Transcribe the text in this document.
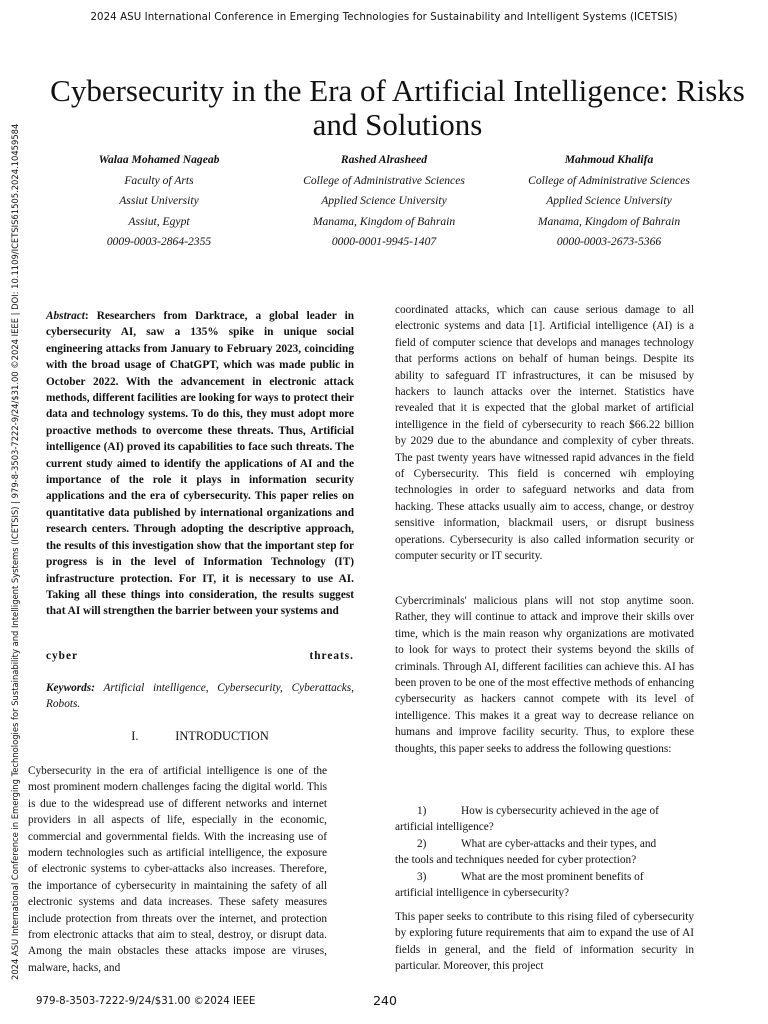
2024 ASU International Conference in Emerging Technologies for Sustainability and Intelligent Systems (ICETSIS)
Cybersecurity in the Era of Artificial Intelligence: Risks and Solutions
Walaa Mohamed Nageab
Faculty of Arts
Assiut University
Assiut, Egypt
0009-0003-2864-2355
Rashed Alrasheed
College of Administrative Sciences
Applied Science University
Manama, Kingdom of Bahrain
0000-0001-9945-1407
Mahmoud Khalifa
College of Administrative Sciences
Applied Science University
Manama, Kingdom of Bahrain
0000-0003-2673-5366
2024 ASU International Conference in Emerging Technologies for Sustainability and Intelligent Systems (ICETSIS) | 979-8-3503-7222-9/24/$31.00 ©2024 IEEE | DOI: 10.1109/ICETSIS61505.2024.10459584	Abstract: Researchers from Darktrace, a global leader in cybersecurity AI, saw a 135% spike in unique social engineering attacks from January to February 2023, coinciding with the broad usage of ChatGPT, which was made public in October 2022. With the advancement in electronic attack methods, different facilities are looking for ways to protect their data and technology systems. To do this, they must adopt more proactive methods to overcome these threats. Thus, Artificial intelligence (AI) proved its capabilities to face such threats. The current study aimed to identify the applications of AI and the importance of the role it plays in information security applications and the era of cybersecurity. This paper relies on quantitative data published by international organizations and research centers. Through adopting the descriptive approach, the results of this investigation show that the important step for progress is in the level of Information Technology (IT) infrastructure protection. For IT, it is necessary to use AI. Taking all these things into consideration, the results suggest that AI will strengthen the barrier between your systems and
cyber threats.
Keywords: Artificial intelligence, Cybersecurity, Cyberattacks, Robots.
I.	INTRODUCTION
Cybersecurity in the era of artificial intelligence is one of the most prominent modern challenges facing the digital world. This is due to the widespread use of different networks and internet providers in all aspects of life, especially in the economic, commercial and governmental fields. With the increasing use of modern technologies such as artificial intelligence, the exposure of electronic systems to cyber-attacks also increases. Therefore, the importance of cybersecurity in maintaining the safety of all electronic systems and data increases. These safety measures include protection from threats over the internet, and protection from electronic attacks that aim to steal, destroy, or disrupt data. Among the main obstacles these attacks impose are viruses, malware, hacks, and
coordinated attacks, which can cause serious damage to all electronic systems and data [1]. Artificial intelligence (AI) is a field of computer science that develops and manages technology that performs actions on behalf of human beings. Despite its ability to safeguard IT infrastructures, it can be misused by hackers to launch attacks over the internet. Statistics have revealed that it is expected that the global market of artificial intelligence in the field of cybersecurity to reach $66.22 billion by 2029 due to the abundance and complexity of cyber threats. The past twenty years have witnessed rapid advances in the field of Cybersecurity. This field is concerned wih employing technologies in order to safeguard networks and data from hacking. These attacks usually aim to access, change, or destroy sensitive information, blackmail users, or disrupt business operations. Cybersecurity is also called information security or computer security or IT security.
Cybercriminals' malicious plans will not stop anytime soon. Rather, they will continue to attack and improve their skills over time, which is the main reason why organizations are motivated to look for ways to protect their systems beyond the skills of criminals. Through AI, different facilities can achieve this. AI has been proven to be one of the most effective methods of enhancing cybersecurity as hackers cannot compete with its level of intelligence. This makes it a great way to decrease reliance on humans and improve facility security. Thus, to explore these thoughts, this paper seeks to address the following questions:
1)	How is cybersecurity achieved in the age of
artificial intelligence?
2)	What are cyber-attacks and their types, and
the tools and techniques needed for cyber protection?
3)	What are the most prominent benefits of
artificial intelligence in cybersecurity?
This paper seeks to contribute to this rising filed of cybersecurity by exploring future requirements that aim to expand the use of AI fields in general, and the field of information security in particular. Moreover, this project
979-8-3503-7222-9/24/$31.00 ©2024 IEEE	240
